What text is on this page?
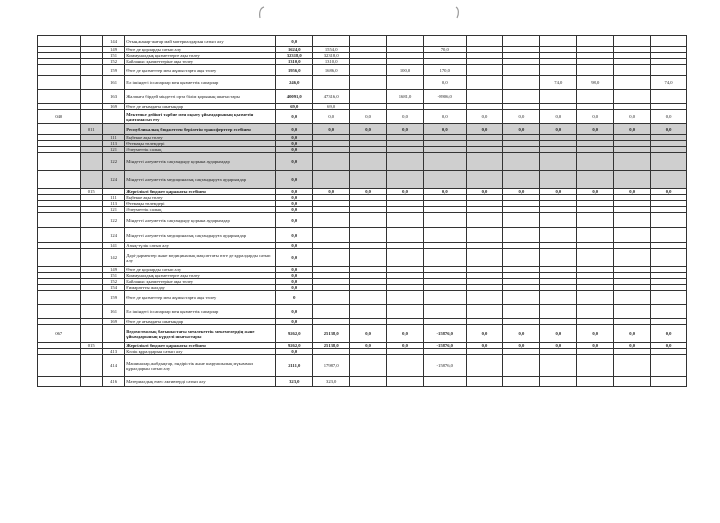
		144	Отын,жанар-жағар май материалдарын сатып алу	0,0										
		149	Өзге де қорларды сатып алу	1624,0	1554,0			70,0						
		151	Коммуналдық қызметтерге ақы төлеу	32318,0	32318,0									
		152	Байланыс қызметтеріне ақы төлеу	1310,0	1310,0									
		159	Өзге де қызметтер мен жұмыстарға ақы төлеу	1956,0	1686,0		100,0	170,0						
		161	Ел ішіндегі іссапарлар мен қызметтік сапарлар	246,0				0,0			74,0	98,0		74,0
		163	Жалпыға бірдей міндетті орта білім қорының шығыстары	40091,0	47316,0		1681,0	-8906,0						
		169	Өзге де ағымдағы шығындар	69,0	69,0									
040			Мектепке дейінгі тәрбие мен оқыту ұйымдарының қызметін қамтамасыз ету	0,0	0,0	0,0	0,0	0,0	0,0	0,0	0,0	0,0	0,0	0,0
	011		Республикалық бюджеттен берілетін трансферттер есебінен	0,0	0,0	0,0	0,0	0,0	0,0	0,0	0,0	0,0	0,0	0,0
		111	Еңбекке ақы төлеу	0,0										
		113	Өтемақы төлемдері	0,0										
		121	Әлеуметтік салық	0,0										
		122	Міндетті әлеуметтік сақтандыру қорына аударымдар	0,0										
		124	Міндетті әлеуметтік медициналық сақтандыруға аударымдар	0,0										
	015		Жергілікті бюджет қаражаты есебінен	0,0	0,0	0,0	0,0	0,0	0,0	0,0	0,0	0,0	0,0	0,0
		111	Еңбекке ақы төлеу	0,0										
		113	Өтемақы төлемдері	0,0										
		121	Әлеуметтік салық	0,0										
		122	Міндетті әлеуметтік сақтандыру қорына аударымдар	0,0										
		124	Міндетті әлеуметтік медициналық сақтандыруға аударымдар	0,0										
		141	Азық-түлік сатып алу	0,0										
		142	Дәрі-дәрмектер және медициналық мақсаттағы өзге де құралдарды сатып алу	0,0										
		149	Өзге де қорларды сатып алу	0,0										
		151	Коммуналдық қызметтерге ақы төлеу	0,0										
		152	Байланыс қызметтеріне ақы төлеу	0,0										
		154	Ғимараттты жалдау	0,0										
		159	Өзге де қызметтер мен жұмыстарға ақы төлеу	0										
		161	Ел ішіндегі іссапарлар мен қызметтік сапарлар	0,0										
		169	Өзге де ағымдағы шығындар	0,0										
067			Ведомстволық бағыныстағы мемлекеттік мекемелердің және ұйымдарының күрделі шығыстары	9262,0	25138,0	0,0	0,0	-15876,0	0,0	0,0	0,0	0,0	0,0	0,0
	015		Жергілікті бюджет қаражаты есебінен	9262,0	25138,0	0,0	0,0	-15876,0	0,0	0,0	0,0	0,0	0,0	0,0
		413	Көлік құралдарын сатып алу	0,0										
		414	Машиналар,жабдықтар, өндірістік және шаруашылық мүкәммал құралдарын сатып алу	2111,0	17987,0			-15876,0						
		416	Материалдық емес активтерді сатып алу	323,0	323,0									
